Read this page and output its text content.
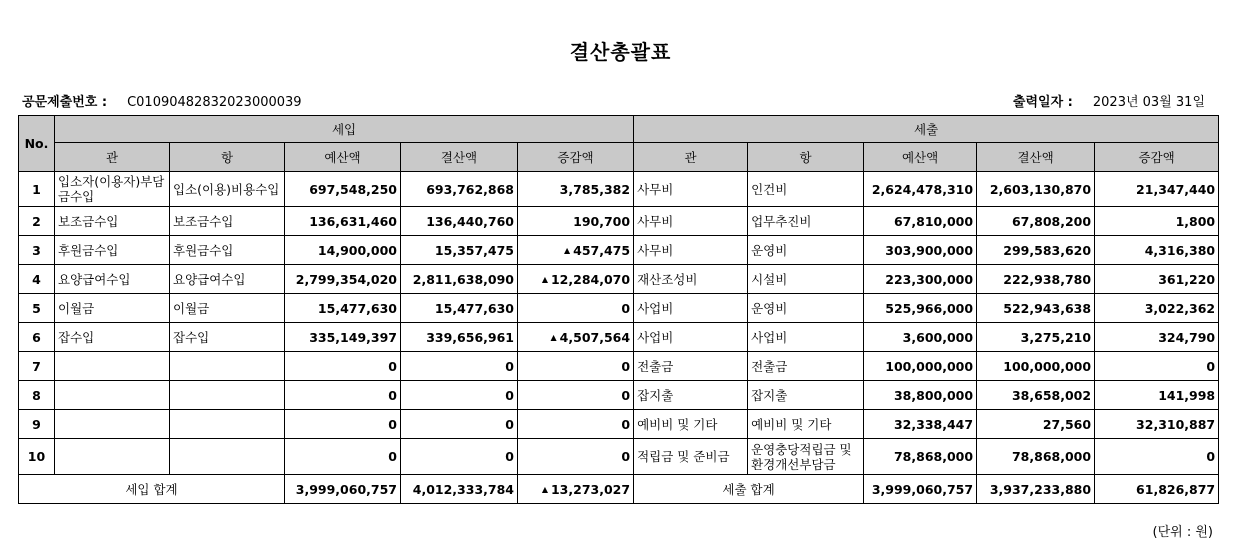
결산총괄표
공문제출번호 : C010904828320230000​39	출력일자 : 2023년 03월 31일
No.	세입					세출				
	관	항	예산액	결산액	증감액	관	항	예산액	결산액	증감액
1	입소자(이용자)부담금수입	입소(이용)비용수입	697,548,250	693,762,868	3,785,382	사무비	인건비	2,624,478,310	2,603,130,870	21,347,440
2	보조금수입	보조금수입	136,631,460	136,440,760	190,700	사무비	업무추진비	67,810,000	67,808,200	1,800
3	후원금수입	후원금수입	14,900,000	15,357,475	▲ 457,475	사무비	운영비	303,900,000	299,583,620	4,316,380
4	요양급여수입	요양급여수입	2,799,354,020	2,811,638,090	▲ 12,284,070	재산조성비	시설비	223,300,000	222,938,780	361,220
5	이월금	이월금	15,477,630	15,477,630	0	사업비	운영비	525,966,000	522,943,638	3,022,362
6	잡수입	잡수입	335,149,397	339,656,961	▲ 4,507,564	사업비	사업비	3,600,000	3,275,210	324,790
7			0	0	0	전출금	전출금	100,000,000	100,000,000	0
8			0	0	0	잡지출	잡지출	38,800,000	38,658,002	141,998
9			0	0	0	예비비 및 기타	예비비 및 기타	32,338,447	27,560	32,310,887
10			0	0	0	적립금 및 준비금	운영충당적립금 및 환경개선부담금	78,868,000	78,868,000	0
세입 합계			3,999,060,757	4,012,333,784	▲ 13,273,027	세출 합계		3,999,060,757	3,937,233,880	61,826,877
(단위 : 원)
